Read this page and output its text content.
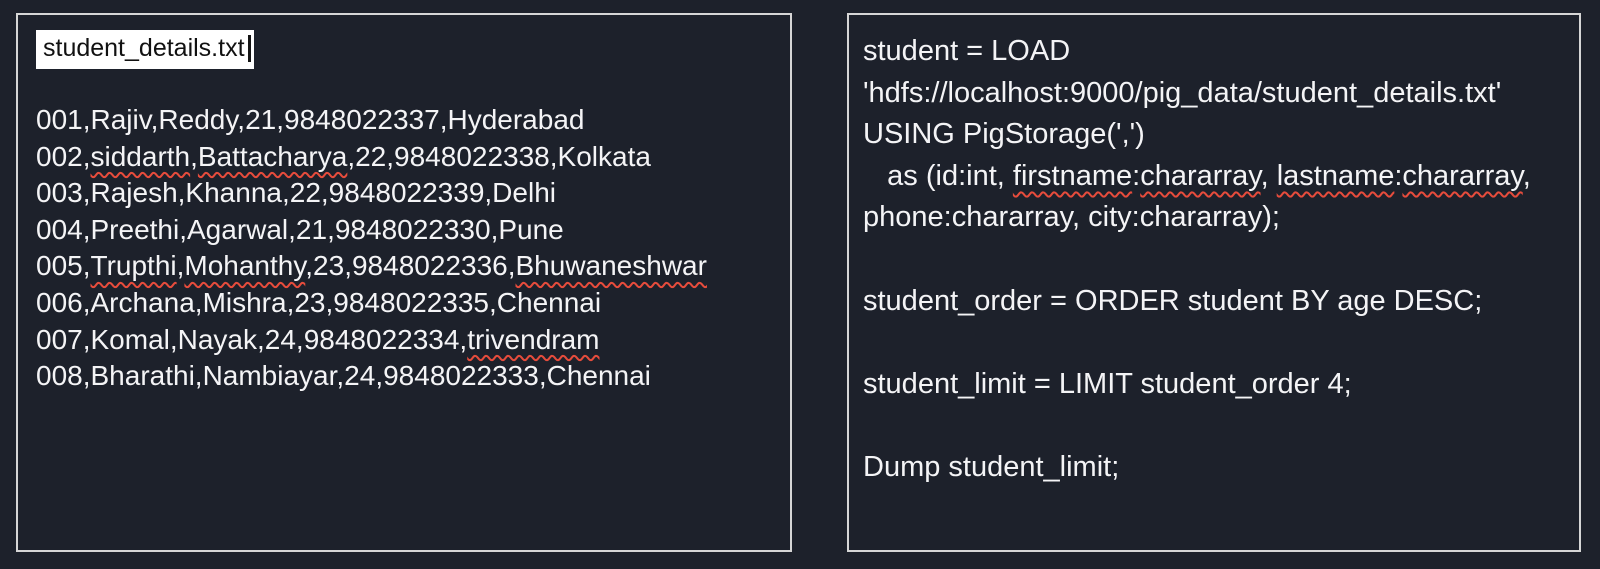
student_details.txt
001,Rajiv,Reddy,21,9848022337,Hyderabad
002,siddarth,Battacharya,22,9848022338,Kolkata
003,Rajesh,Khanna,22,9848022339,Delhi
004,Preethi,Agarwal,21,9848022330,Pune
005,Trupthi,Mohanthy,23,9848022336,Bhuwaneshwar
006,Archana,Mishra,23,9848022335,Chennai
007,Komal,Nayak,24,9848022334,trivendram
008,Bharathi,Nambiayar,24,9848022333,Chennai
student = LOAD
'hdfs://localhost:9000/pig_data/student_details.txt'
USING PigStorage(',')
as (id:int, firstname:chararray, lastname:chararray,
phone:chararray, city:chararray);

student_order = ORDER student BY age DESC;

student_limit = LIMIT student_order 4;

Dump student_limit;
